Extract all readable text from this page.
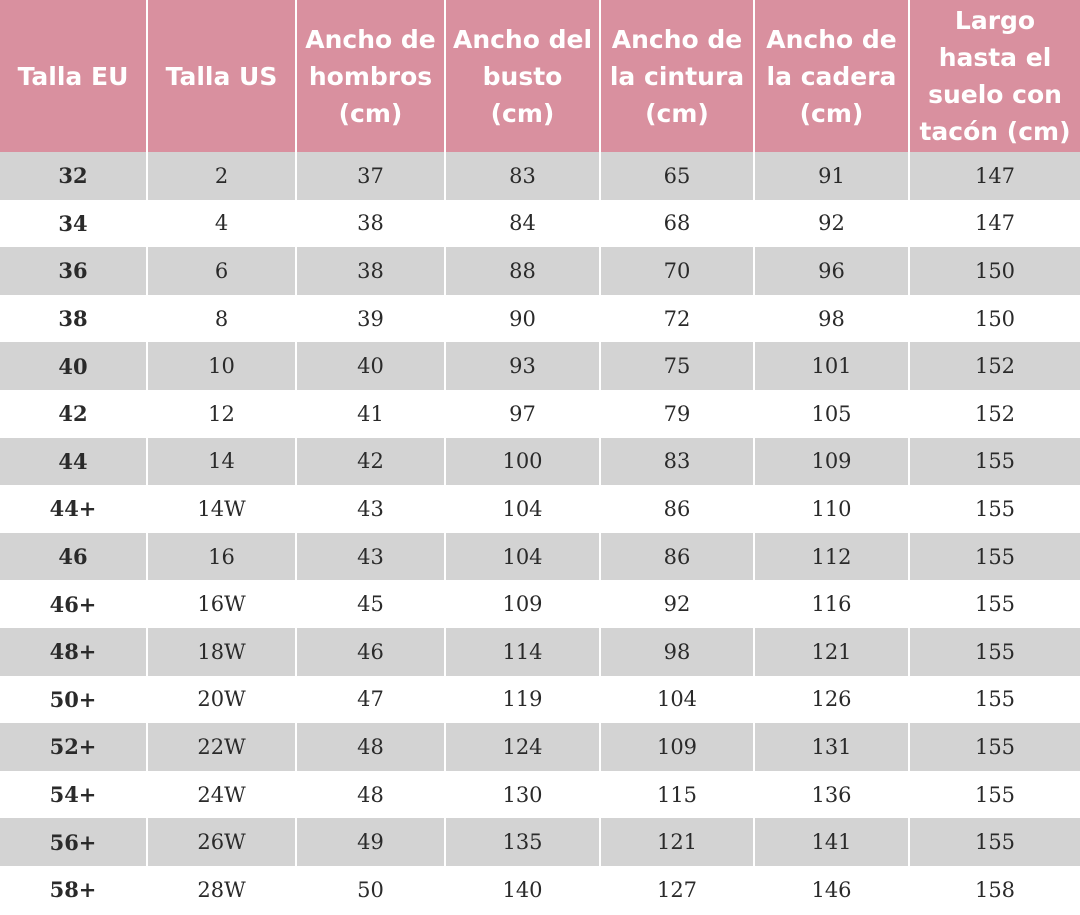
Talla EU	Talla US	Ancho de hombros (cm)	Ancho del busto (cm)	Ancho de la cintura (cm)	Ancho de la cadera (cm)	Largo hasta el suelo con tacón (cm)
32	2	37	83	65	91	147
34	4	38	84	68	92	147
36	6	38	88	70	96	150
38	8	39	90	72	98	150
40	10	40	93	75	101	152
42	12	41	97	79	105	152
44	14	42	100	83	109	155
44+	14W	43	104	86	110	155
46	16	43	104	86	112	155
46+	16W	45	109	92	116	155
48+	18W	46	114	98	121	155
50+	20W	47	119	104	126	155
52+	22W	48	124	109	131	155
54+	24W	48	130	115	136	155
56+	26W	49	135	121	141	155
58+	28W	50	140	127	146	158
